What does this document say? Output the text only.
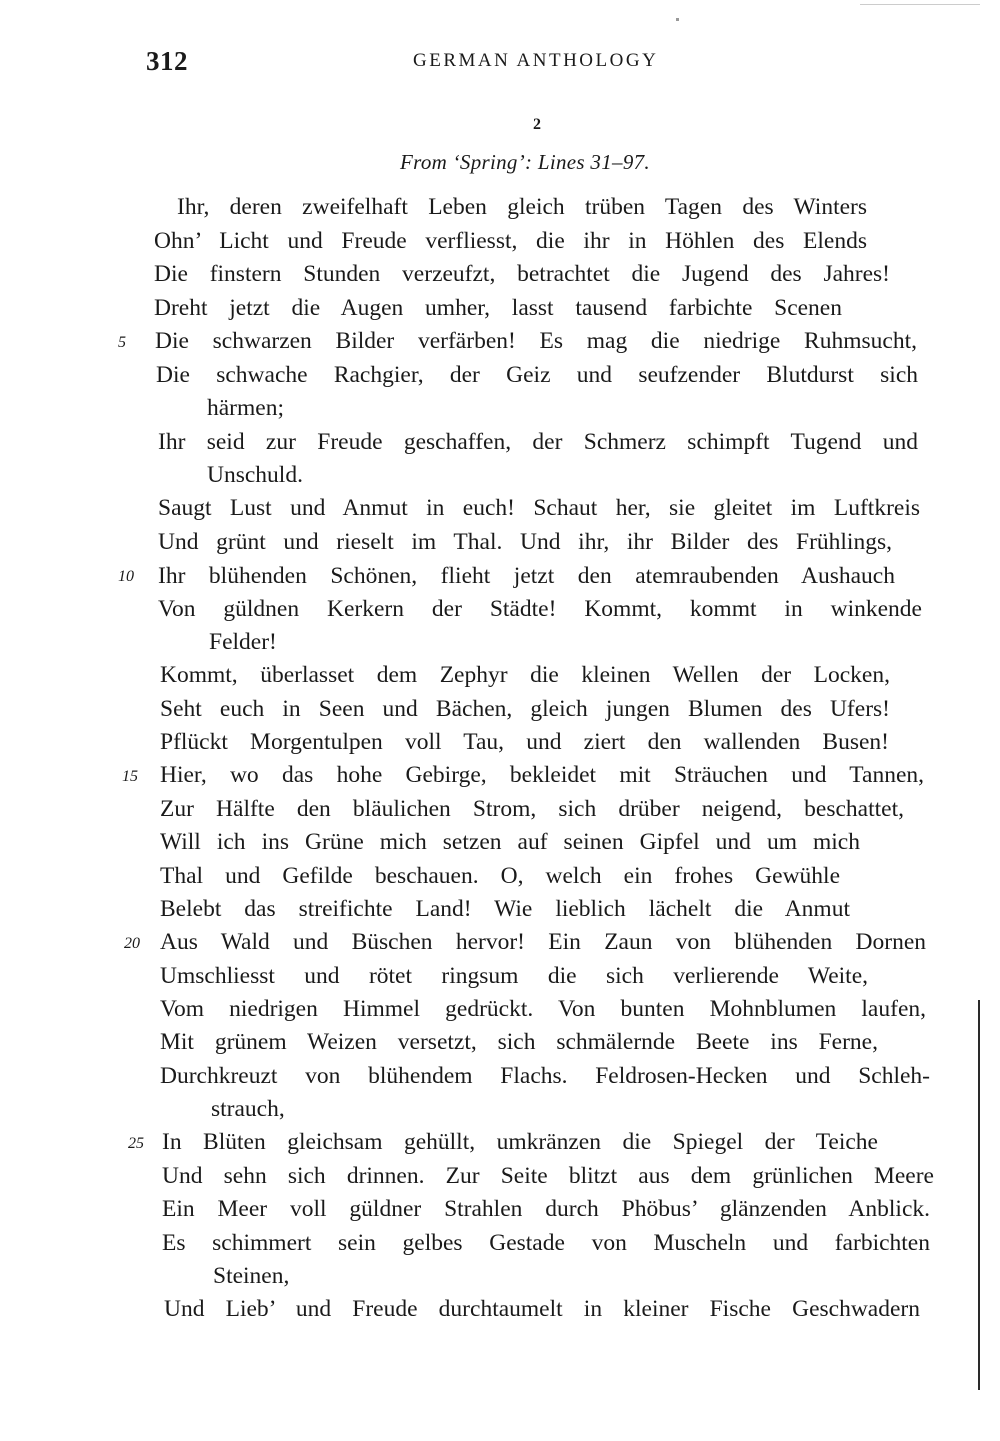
312	GERMAN ANTHOLOGY
2
From ‘Spring’: Lines 31–97.
Ihr, deren zweifelhaft Leben gleich trüben Tagen des Winters
Ohn’ Licht und Freude verfliesst, die ihr in Höhlen des Elends
Die finstern Stunden verzeufzt, betrachtet die Jugend des Jahres!
Dreht jetzt die Augen umher, lasst tausend farbichte Scenen
5 Die schwarzen Bilder verfärben! Es mag die niedrige Ruhmsucht,
Die schwache Rachgier, der Geiz und seufzender Blutdurst sich
härmen;
Ihr seid zur Freude geschaffen, der Schmerz schimpft Tugend und
Unschuld.
Saugt Lust und Anmut in euch! Schaut her, sie gleitet im Luftkreis
Und grünt und rieselt im Thal. Und ihr, ihr Bilder des Frühlings,
10 Ihr blühenden Schönen, flieht jetzt den atemraubenden Aushauch
Von güldnen Kerkern der Städte! Kommt, kommt in winkende
Felder!
Kommt, überlasset dem Zephyr die kleinen Wellen der Locken,
Seht euch in Seen und Bächen, gleich jungen Blumen des Ufers!
Pflückt Morgentulpen voll Tau, und ziert den wallenden Busen!
15 Hier, wo das hohe Gebirge, bekleidet mit Sträuchen und Tannen,
Zur Hälfte den bläulichen Strom, sich drüber neigend, beschattet,
Will ich ins Grüne mich setzen auf seinen Gipfel und um mich
Thal und Gefilde beschauen. O, welch ein frohes Gewühle
Belebt das streifichte Land! Wie lieblich lächelt die Anmut
20 Aus Wald und Büschen hervor! Ein Zaun von blühenden Dornen
Umschliesst und rötet ringsum die sich verlierende Weite,
Vom niedrigen Himmel gedrückt. Von bunten Mohnblumen laufen,
Mit grünem Weizen versetzt, sich schmälernde Beete ins Ferne,
Durchkreuzt von blühendem Flachs. Feldrosen-Hecken und Schleh-
strauch,
25 In Blüten gleichsam gehüllt, umkränzen die Spiegel der Teiche
Und sehn sich drinnen. Zur Seite blitzt aus dem grünlichen Meere
Ein Meer voll güldner Strahlen durch Phöbus’ glänzenden Anblick.
Es schimmert sein gelbes Gestade von Muscheln und farbichten
Steinen,
Und Lieb’ und Freude durchtaumelt in kleiner Fische Geschwadern
